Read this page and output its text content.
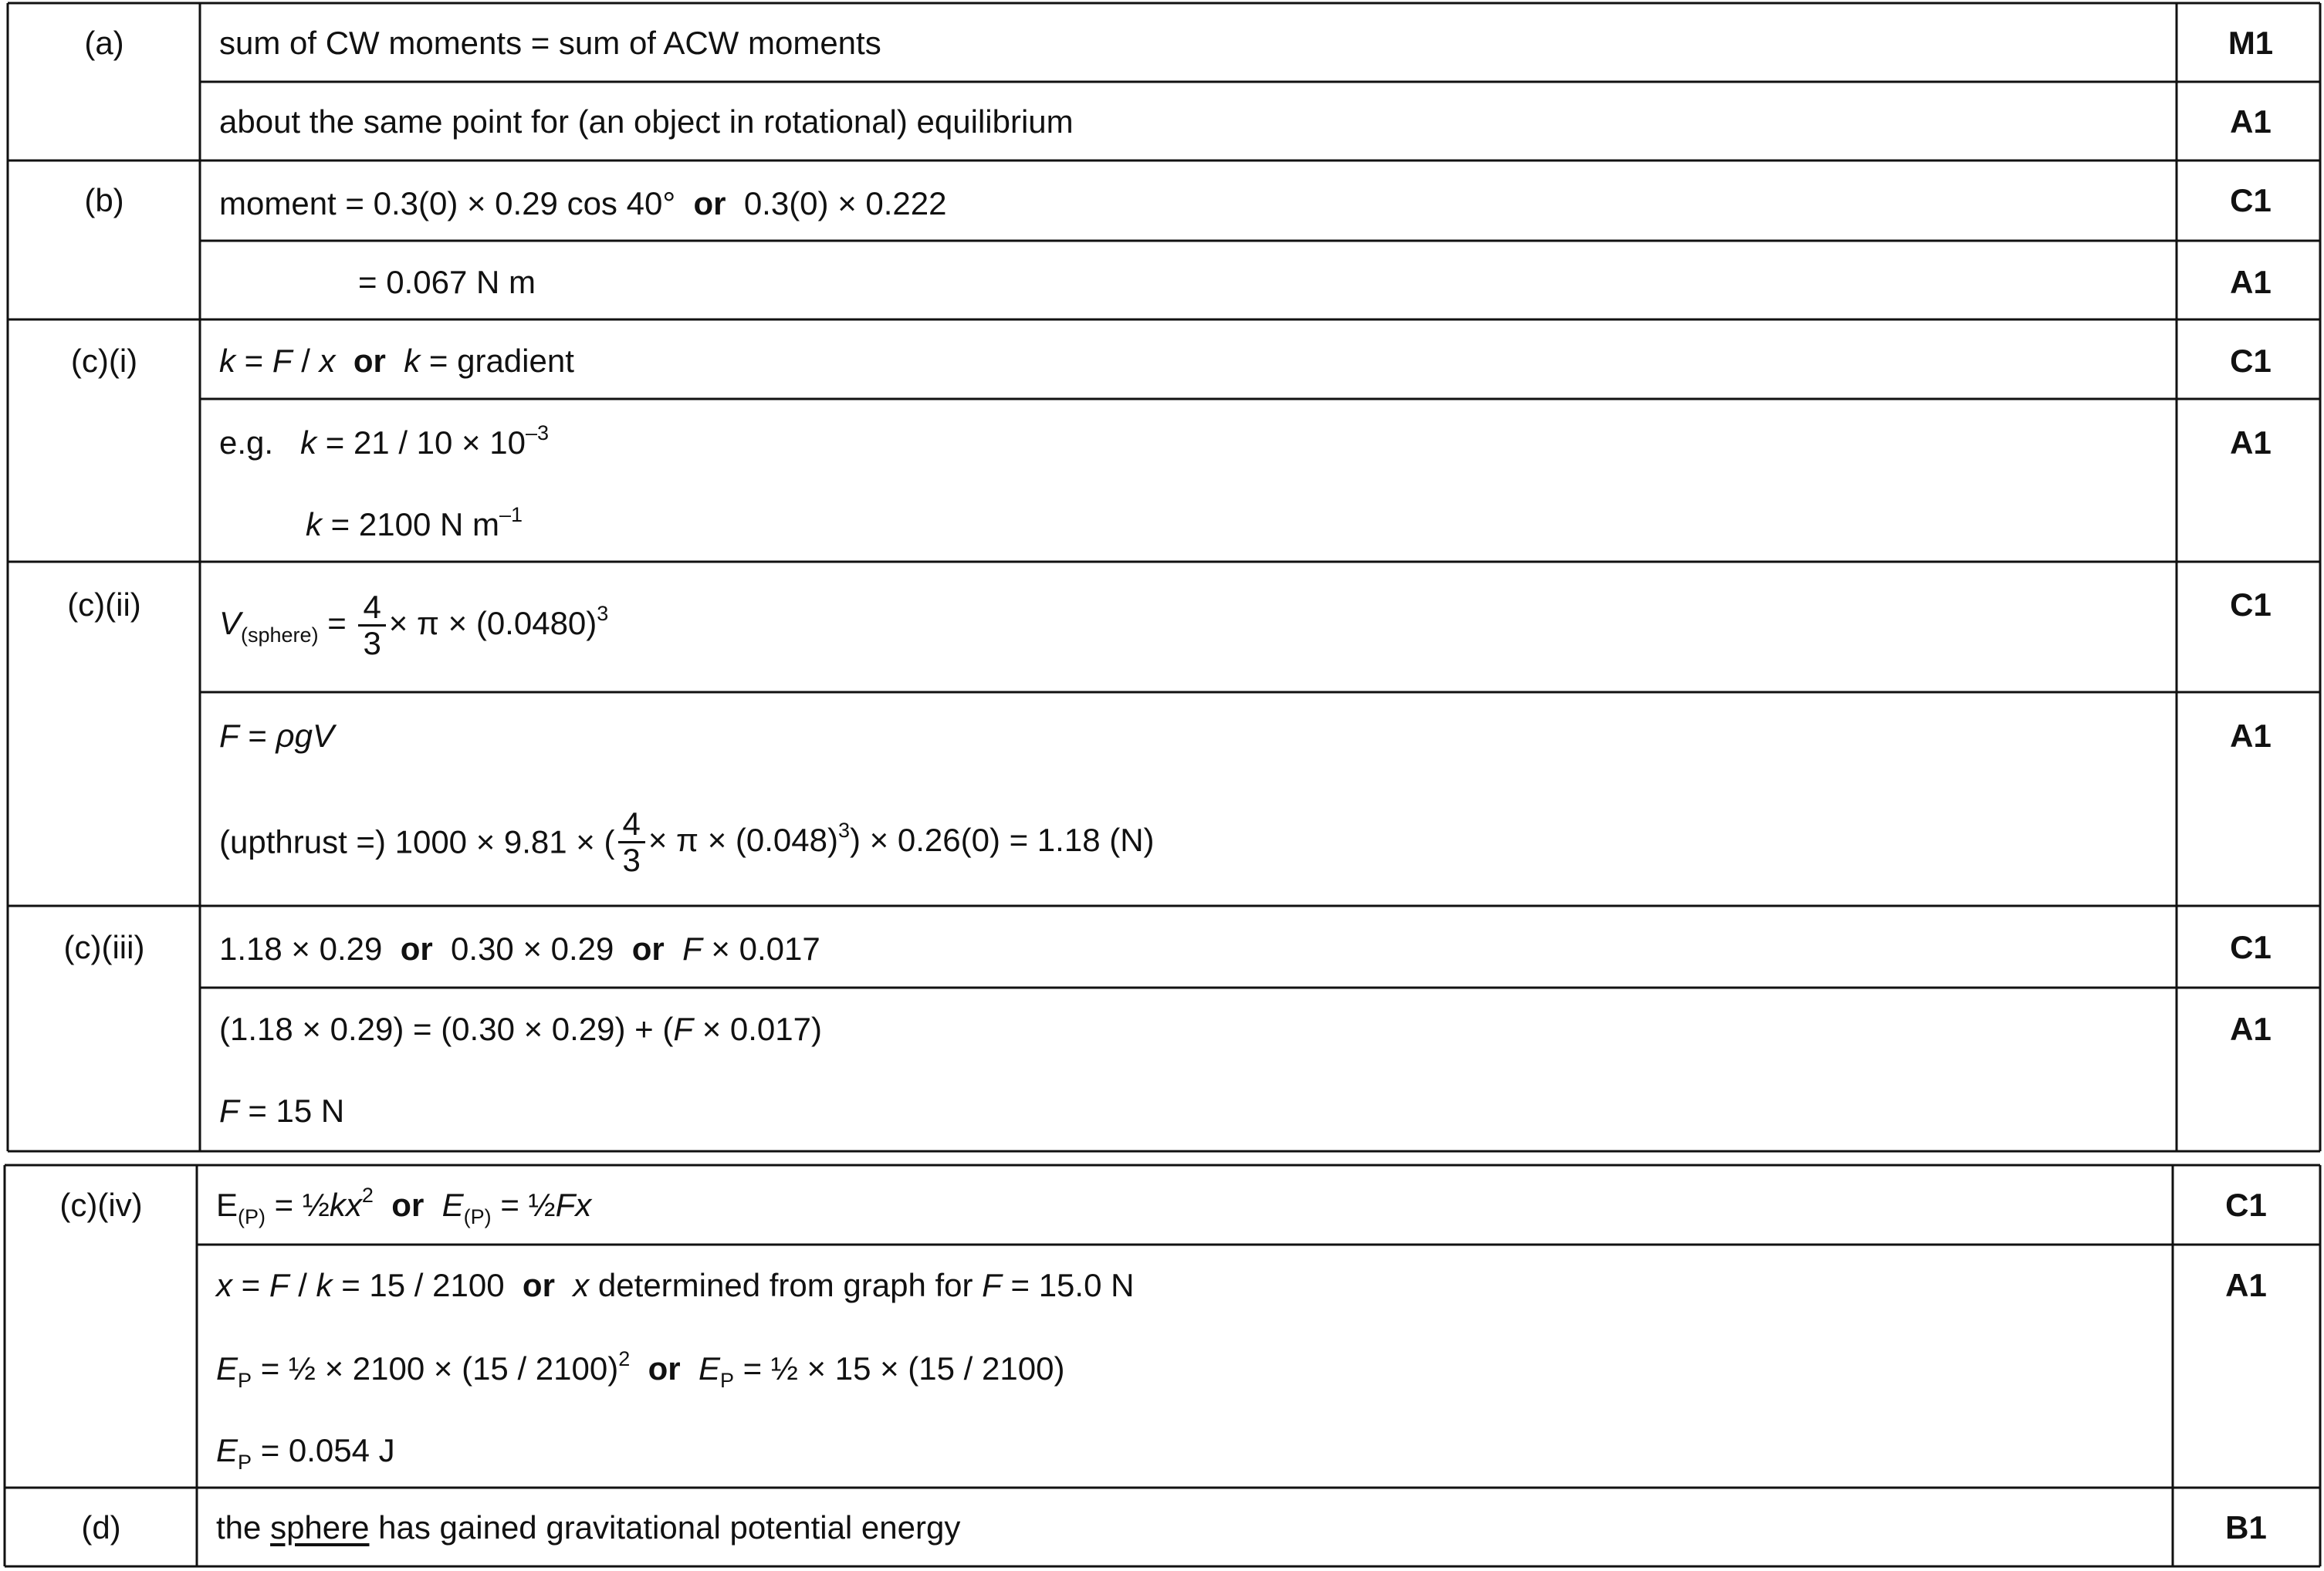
(a)	sum of CW moments = sum of ACW moments	M1
about the same point for (an object in rotational) equilibrium	A1
(b)	moment = 0.3(0) × 0.29 cos 40° or 0.3(0) × 0.222	C1
= 0.067 N m	A1
(c)(i)	k = F / x or k = gradient	C1
e.g. $k = 21 / 10 \times 10^{-3}$	A1
k = 2100 N $m^{-1}$
(c)(ii)
$V_{(sphere)} = \frac{4}{3} \times \pi \times (0.0480)^3$	C1
F = ρgV	A1
(upthrust =) 1000 × 9.81 × ( $\frac{4}{3} \times \pi \times (0.048)^3) \times 0.26(0) = 1.18$ (N)
(c)(iii)	1.18 × 0.29 or 0.30 × 0.29 or F × 0.017	C1
(1.18 × 0.29) = (0.30 × 0.29) + (F × 0.017)	A1
F = 15 N
(c)(iv)	$E_{(P)}$ = $\frac{1}{2}kx^2$ or $E_{(P)}$ = ½Fx	C1
x = F / k = 15 / 2100 or x determined from graph for F = 15.0 N	A1
$E_P$ = ½ × 2100 × (15 / 2100)$^2$ or $E_P$ = ½ × 15 × (15 / 2100)
$E_P = 0.054$ J
(d)	the sphere has gained gravitational potential energy	B1
